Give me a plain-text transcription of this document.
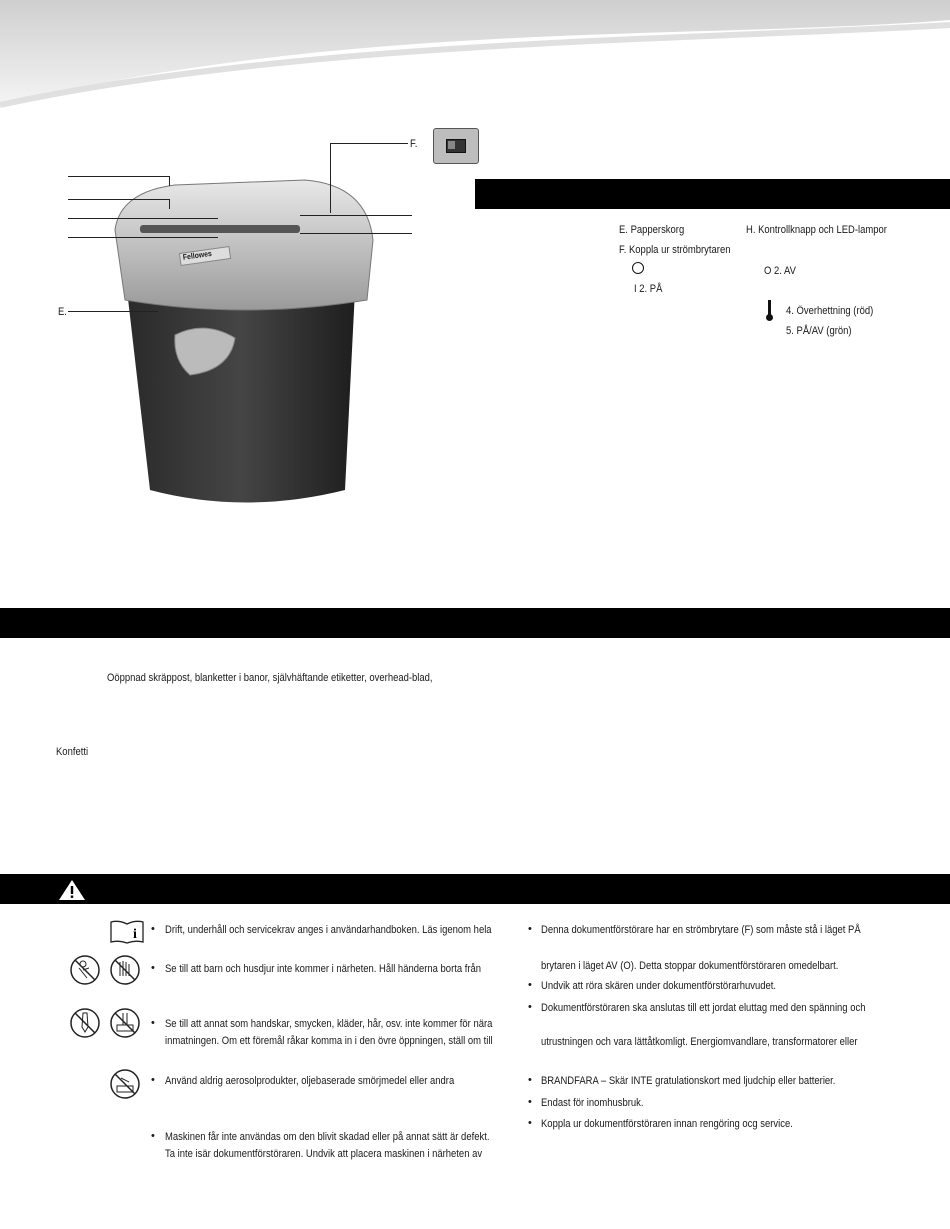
Fellowes
E.
F.
E. Papperskorg
F. Koppla ur strömbrytaren
I 2. PÅ
H. Kontrollknapp och LED-lampor
O 2. AV
4. Överhettning (röd)
5. PÅ/AV (grön)
Oöppnad skräppost, blanketter i banor, självhäftande etiketter, overhead-blad,
Konfetti
i • Drift, underhåll och servicekrav anges i användarhandboken. Läs igenom hela
• Se till att barn och husdjur inte kommer i närheten. Håll händerna borta från
• Se till att annat som handskar, smycken, kläder, hår, osv. inte kommer för nära
inmatningen. Om ett föremål råkar komma in i den övre öppningen, ställ om till
• Använd aldrig aerosolprodukter, oljebaserade smörjmedel eller andra
• Maskinen får inte användas om den blivit skadad eller på annat sätt är defekt.
Ta inte isär dokumentförstöraren. Undvik att placera maskinen i närheten av
• Denna dokumentförstörare har en strömbrytare (F) som måste stå i läget PÅ
brytaren i läget AV (O). Detta stoppar dokumentförstöraren omedelbart.
• Undvik att röra skären under dokumentförstörarhuvudet.
• Dokumentförstöraren ska anslutas till ett jordat eluttag med den spänning och
utrustningen och vara lättåtkomligt. Energiomvandlare, transformatorer eller
• BRANDFARA – Skär INTE gratulationskort med ljudchip eller batterier.
• Endast för inomhusbruk.
• Koppla ur dokumentförstöraren innan rengöring ocg service.
